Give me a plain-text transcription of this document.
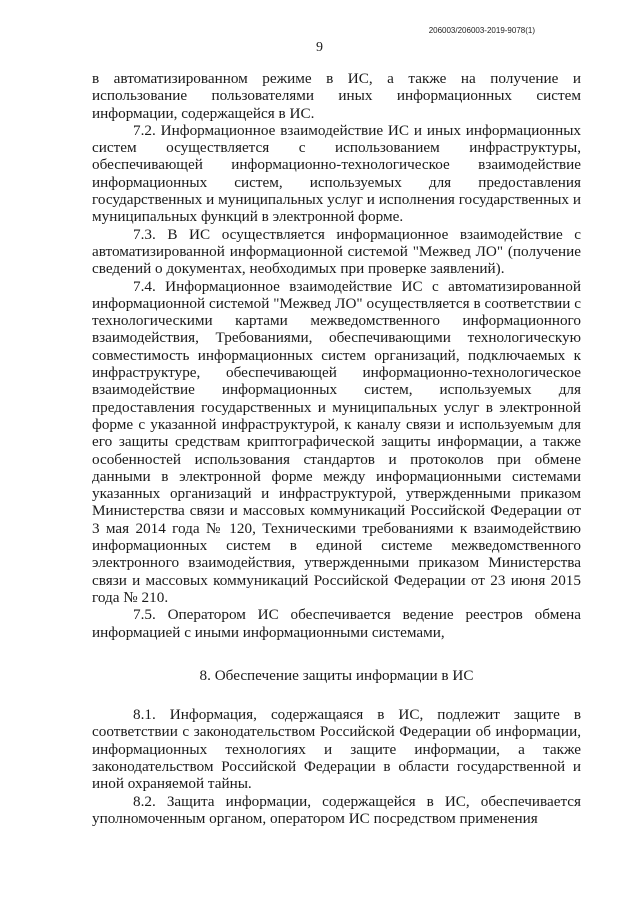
206003/206003-2019-9078(1)
9

в автоматизированном режиме в ИС, а также на получение и использование пользователями иных информационных систем информации, содержащейся в ИС.

7.2. Информационное взаимодействие ИС и иных информационных систем осуществляется с использованием инфраструктуры, обеспечивающей информационно-технологическое взаимодействие информационных систем, используемых для предоставления государственных и муниципальных услуг и исполнения государственных и муниципальных функций в электронной форме.

7.3. В ИС осуществляется информационное взаимодействие с автоматизированной информационной системой "Межвед ЛО" (получение сведений о документах, необходимых при проверке заявлений).

7.4. Информационное взаимодействие ИС с автоматизированной информационной системой "Межвед ЛО" осуществляется в соответствии с технологическими картами межведомственного информационного взаимодействия, Требованиями, обеспечивающими технологическую совместимость информационных систем организаций, подключаемых к инфраструктуре, обеспечивающей информационно-технологическое взаимодействие информационных систем, используемых для предоставления государственных и муниципальных услуг в электронной форме с указанной инфраструктурой, к каналу связи и используемым для его защиты средствам криптографической защиты информации, а также особенностей использования стандартов и протоколов при обмене данными в электронной форме между информационными системами указанных организаций и инфраструктурой, утвержденными приказом Министерства связи и массовых коммуникаций Российской Федерации от 3 мая 2014 года № 120, Техническими требованиями к взаимодействию информационных систем в единой системе межведомственного электронного взаимодействия, утвержденными приказом Министерства связи и массовых коммуникаций Российской Федерации от 23 июня 2015 года № 210.

7.5. Оператором ИС обеспечивается ведение реестров обмена информацией с иными информационными системами,

8. Обеспечение защиты информации в ИС

8.1. Информация, содержащаяся в ИС, подлежит защите в соответствии с законодательством Российской Федерации об информации, информационных технологиях и защите информации, а также законодательством Российской Федерации в области государственной и иной охраняемой тайны.

8.2. Защита информации, содержащейся в ИС, обеспечивается уполномоченным органом, оператором ИС посредством применения
